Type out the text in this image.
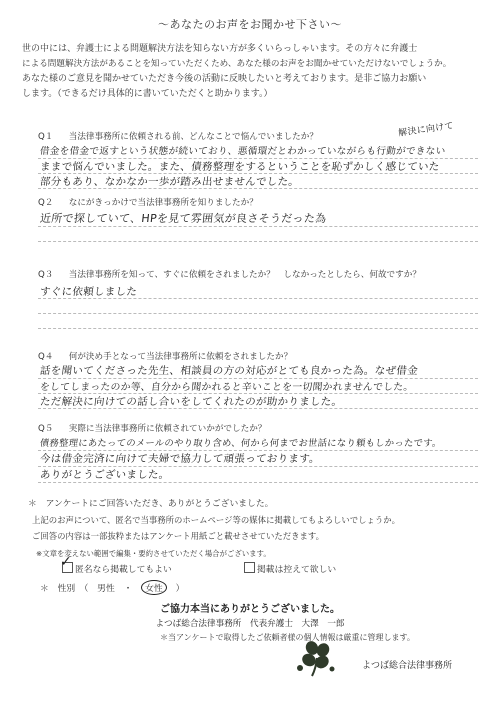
～あなたのお声をお聞かせ下さい～
世の中には、弁護士による問題解決方法を知らない方が多くいらっしゃいます。その方々に弁護士
による問題解決方法があることを知っていただくため、あなた様のお声をお聞かせていただけないでしょうか。
あなた様のご意見を聞かせていただき今後の活動に反映したいと考えております。是非ご協力お願い
します。（できるだけ具体的に書いていただくと助かります。）
Q１ 当法律事務所に依頼される前、どんなことで悩んでいましたか？	解決に向けて
借金を借金で返すという状態が続いており、悪循環だとわかっていながらも行動ができない
ままで悩んでいました。また、債務整理をするということを恥ずかしく感じていた
部分もあり、なかなか一歩が踏み出せませんでした。
Q２ なにがきっかけで当法律事務所を知りましたか？
近所で探していて、HPを見て雰囲気が良さそうだった為
Q３ 当法律事務所を知って、すぐに依頼をされましたか？　しなかったとしたら、何故ですか？
すぐに依頼しました
Q４ 何が決め手となって当法律事務所に依頼をされましたか？
話を聞いてくださった先生、相談員の方の対応がとても良かった為。なぜ借金
をしてしまったのか等、自分から聞かれると辛いことを一切聞かれませんでした。
ただ解決に向けての話し合いをしてくれたのが助かりました。
Q５ 実際に当法律事務所に依頼されていかがでしたか？
債務整理にあたってのメールのやり取り含め、何から何までお世話になり頼もしかったです。
今は借金完済に向けて夫婦で協力して頑張っております。
ありがとうございました。
＊　アンケートにご回答いただき、ありがとうございました。
上記のお声について、匿名で当事務所のホームページ等の媒体に掲載してもよろしいでしょうか。
ご回答の内容は一部抜粋またはアンケート用紙ごと載せさせていただきます。
※文章を変えない範囲で編集・要約させていただく場合がございます。
✓ 匿名なら掲載してもよい	掲載は控えて欲しい
＊　性別　（　男性　・　女性　）
ご協力本当にありがとうございました。
よつば総合法律事務所　代表弁護士　大澤　一郎
＊当アンケートで取得したご依頼者様の個人情報は厳重に管理します。
よつば総合法律事務所
